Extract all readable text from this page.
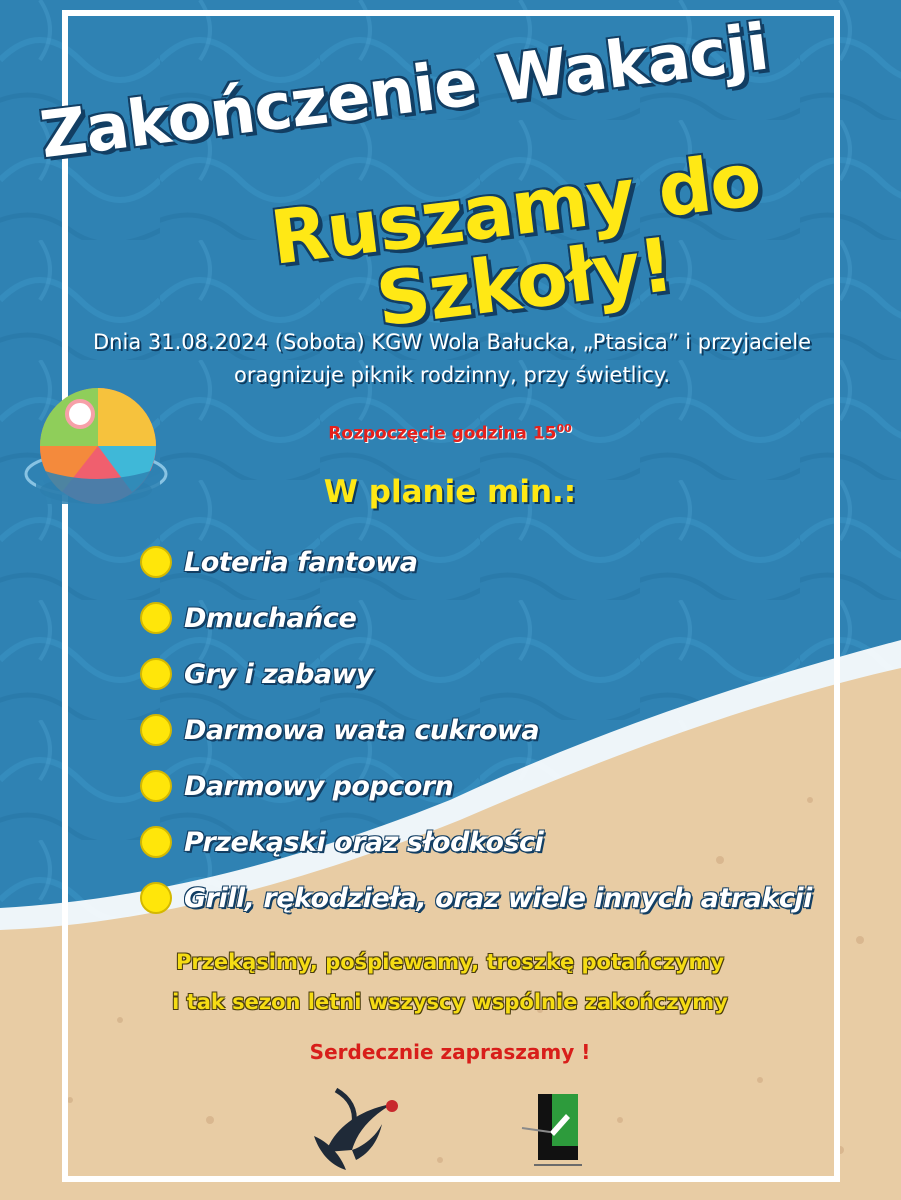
Zakończenie Wakacji
Ruszamy do Szkoły!
Dnia 31.08.2024 (Sobota) KGW Wola Bałucka, „Ptasica” i przyjaciele
oragnizuje piknik rodzinny, przy świetlicy.
Rozpoczęcie godzina $15^{00}$
W planie min.:
Loteria fantowa
Dmuchańce
Gry i zabawy
Darmowa wata cukrowa
Darmowy popcorn
Przekąski oraz słodkości
Grill, rękodzieła, oraz wiele innych atrakcji
Przekąsimy, pośpiewamy, troszkę potańczymy
i tak sezon letni wszyscy wspólnie zakończymy
Serdecznie zapraszamy !
